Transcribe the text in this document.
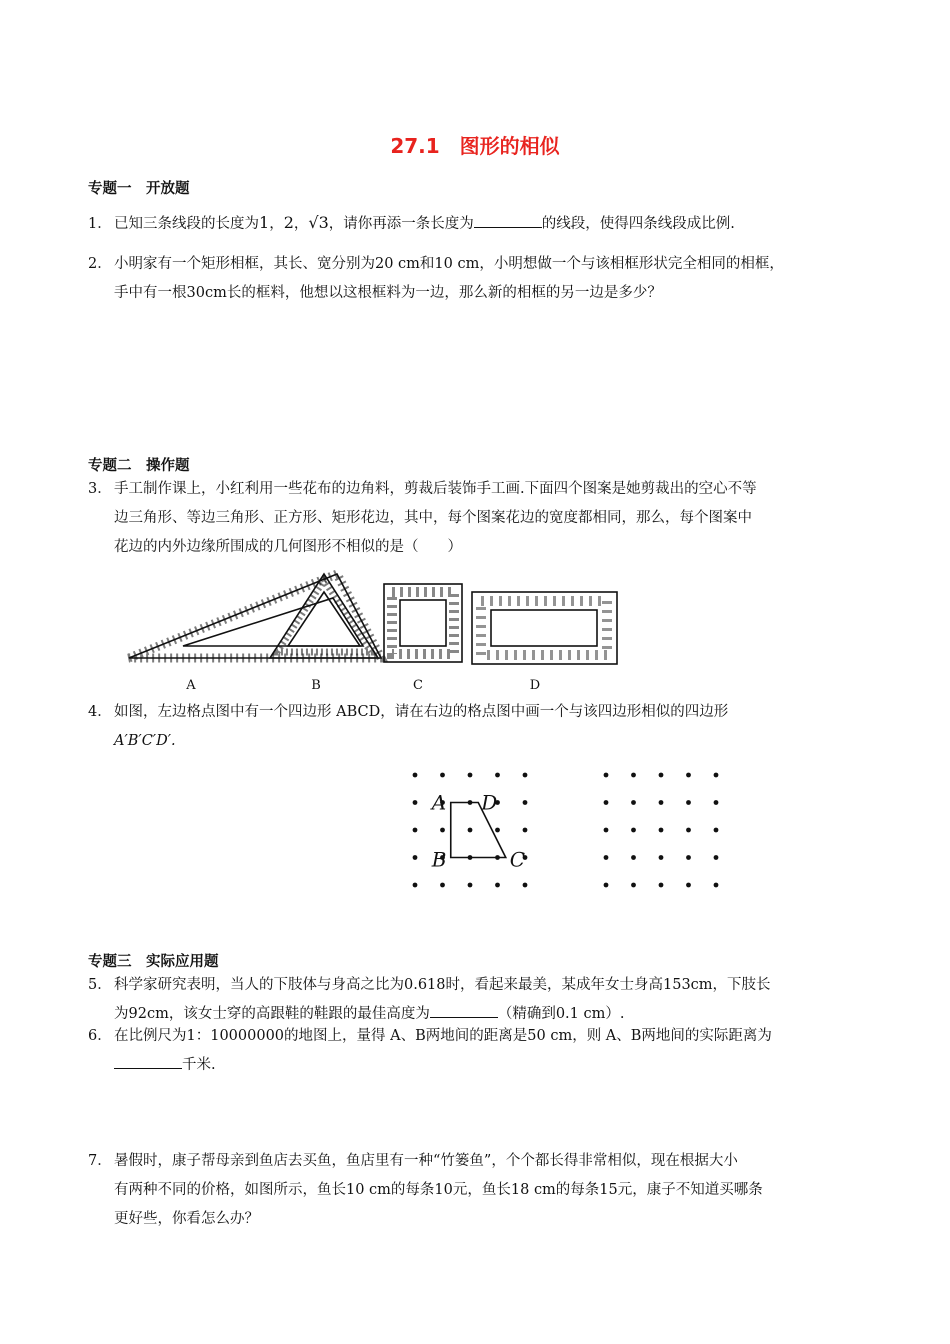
27.1　图形的相似
专题一　开放题
1． 已知三条线段的长度为1，2，√3，请你再添一条长度为	的线段，使得四条线段成比例.
2． 小明家有一个矩形相框，其长、宽分别为20 cm和10 cm，小明想做一个与该相框形状完全相同的相框，
手中有一根30cm长的框料，他想以这根框料为一边，那么新的相框的另一边是多少？
专题二　操作题
3． 手工制作课上，小红利用一些花布的边角料，剪裁后装饰手工画.下面四个图案是她剪裁出的空心不等
边三角形、等边三角形、正方形、矩形花边，其中，每个图案花边的宽度都相同，那么，每个图案中
花边的内外边缘所围成的几何图形不相似的是（　　）
A	B	C	D
4． 如图，左边格点图中有一个四边形 ABCD，请在右边的格点图中画一个与该四边形相似的四边形
A′B′C′D′.
A D
B	C
专题三　实际应用题
5． 科学家研究表明，当人的下肢体与身高之比为0.618时，看起来最美，某成年女士身高153cm，下肢长
为92cm，该女士穿的高跟鞋的鞋跟的最佳高度为	（精确到0.1 cm）.
6． 在比例尺为1：10000000的地图上，量得 A、B两地间的距离是50 cm，则 A、B两地间的实际距离为
千米.
7． 暑假时，康子帮母亲到鱼店去买鱼，鱼店里有一种“竹篓鱼”，个个都长得非常相似，现在根据大小
有两种不同的价格，如图所示，鱼长10 cm的每条10元，鱼长18 cm的每条15元，康子不知道买哪条
更好些，你看怎么办？
